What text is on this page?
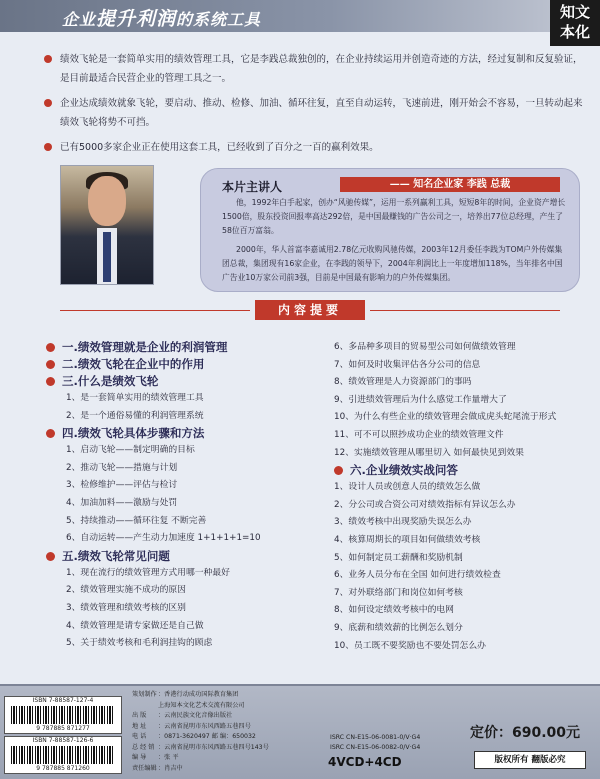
企业提升利润的系统工具	知文
本化

绩效飞轮是一套简单实用的绩效管理工具，它是李践总裁独创的，在企业持续运用并创造奇迹的方法，经过复制和反复验证，是目前最适合民营企业的管理工具之一。

企业达成绩效就象飞轮，要启动、推动、检修、加油、循环往复，直至自动运转，飞速前进，刚开始会不容易，一旦转动起来绩效飞轮将势不可挡。

已有5000多家企业正在使用这套工具，已经收到了百分之一百的赢利效果。

本片主讲人	—— 知名企业家 李践 总裁

他，1992年白手起家，创办“风驰传媒”，运用一系列赢利工具，短短8年的时间，企业资产增长1500倍，股东投资回报率高达292倍，是中国最赚钱的广告公司之一，培养出77位总经理，产生了58位百万富翁。

2000年，华人首富李嘉诚用2.78亿元收购风驰传媒，2003年12月委任李践为TOM户外传媒集团总裁，集团现有16家企业，在李践的领导下，2004年利润比上一年度增加118%，当年排名中国广告业10万家公司前3强，目前是中国最有影响力的户外传媒集团。

内容提要
一.绩效管理就是企业的利润管理
二.绩效飞轮在企业中的作用
三.什么是绩效飞轮
1、是一套简单实用的绩效管理工具
2、是一个通俗易懂的利润管理系统
四.绩效飞轮具体步骤和方法
1、启动飞轮——制定明确的目标
2、推动飞轮——措施与计划
3、检修维护——评估与检讨
4、加油加料——激励与处罚
5、持续推动——循环往复 不断完善
6、自动运转——产生动力加速度 1+1+1+1=10
五.绩效飞轮常见问题
1、现在流行的绩效管理方式用哪一种最好
2、绩效管理实施不成功的原因
3、绩效管理和绩效考核的区别
4、绩效管理是请专家做还是自己做
5、关于绩效考核和毛利润挂钩的顾虑
6、多品种多项目的贸易型公司如何做绩效管理
7、如何及时收集评估各分公司的信息
8、绩效管理是人力资源部门的事吗
9、引进绩效管理后为什么感觉工作量增大了
10、为什么有些企业的绩效管理会做成虎头蛇尾流于形式
11、可不可以照抄成功企业的绩效管理文件
12、实施绩效管理从哪里切入 如何最快见到效果
六.企业绩效实战问答
1、设计人员或创意人员的绩效怎么做
2、分公司或合资公司对绩效指标有异议怎么办
3、绩效考核中出现奖励失误怎么办
4、核算周期长的项目如何做绩效考核
5、如何制定员工薪酬和奖励机制
6、业务人员分布在全国 如何进行绩效检查
7、对外联络部门和岗位如何考核
8、如何设定绩效考核中的电网
9、底薪和绩效薪的比例怎么划分
10、员工既不要奖励也不要处罚怎么办
ISBN 7-88587-127-4
9 787885 871277
ISBN 7-88587-126-6
9 787885 871260
策划制作：香港行动成功国际教育集团
上海知本文化艺术交流有限公司
出 版 ：云南民族文化音像出版社
地 址 ：云南省昆明市东风西路五巷四号
电 话 ：0871-3620497 邮 编：650032
总 经 销 ：云南省昆明市东风西路五巷四号143号
编 导 ：张 平
责任编辑：肖吉中
ISRC CN-E15-06-0081-0/V·G4
ISRC CN-E15-06-0082-0/V·G4
定价：690.00元
4VCD+4CD	版权所有 翻版必究
